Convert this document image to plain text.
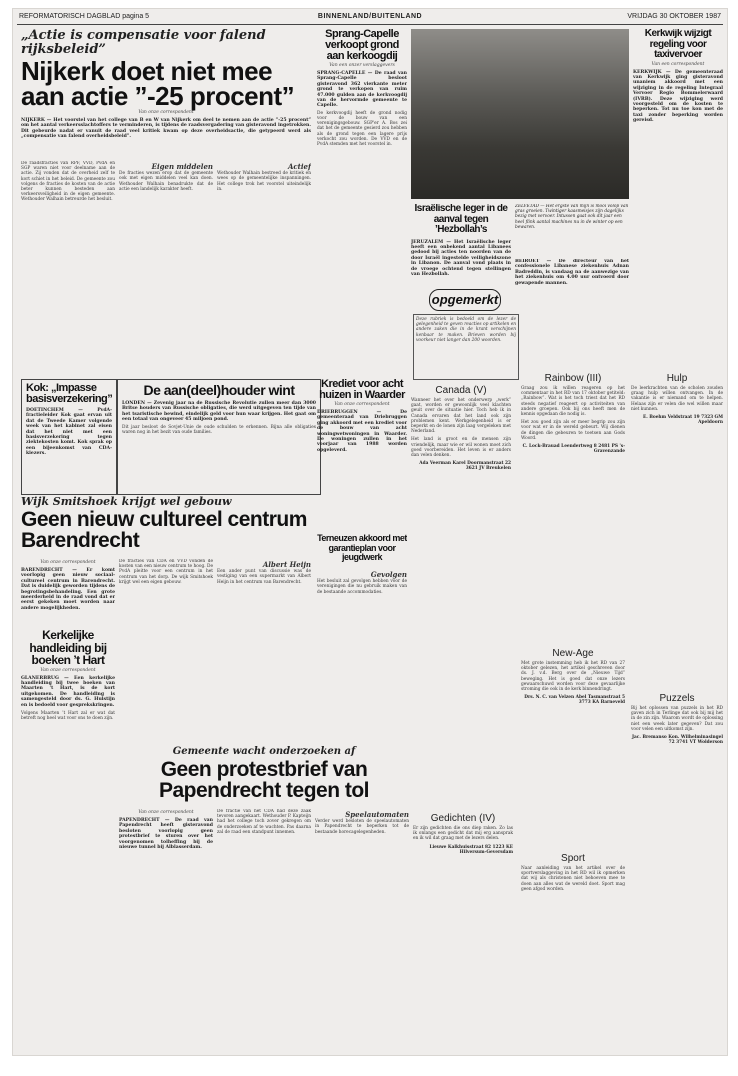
REFORMATORISCH DAGBLAD pagina 5	BINNENLAND/BUITENLAND	VRIJDAG 30 OKTOBER 1987
„Actie is compensatie voor falend rijksbeleid”
Nijkerk doet niet mee aan actie ”-25 procent”
Van onze correspondent
NIJKERK — Het voorstel van het college van B en W van Nijkerk om deel te nemen aan de actie ”-25 procent” om het aantal verkeersslachtoffers te verminderen, is tijdens de raadsvergadering van gisteravond ingetrokken. Dit gebeurde nadat er vanuit de raad veel kritiek kwam op deze overheidsactie, die getypeerd werd als „compensatie van falend overheidsbeleid”.

De raadsfracties van RPF, VVD, PvdA en SGP waren niet voor deelname aan de actie. Zij vonden dat de overheid zelf te kort schiet in het beleid. De gemeente zou volgens de fracties de kosten van de actie beter kunnen besteden aan verkeersveiligheid in de eigen gemeente. Wethouder Walhain betreurde het besluit.

Eigen middelen

De fracties wezen erop dat de gemeente ook met eigen middelen veel kan doen. Wethouder Walhain benadrukte dat de actie een landelijk karakter heeft.

Actief

Wethouder Walhain bestreed de kritiek en wees op de gemeentelijke inspanningen. Het college trok het voorstel uiteindelijk in.

Sprang-Capelle verkoopt grond aan kerkoogdij
Van een onzer verslaggevers
SPRANG-CAPELLE — De raad van Sprang-Capelle besloot gisteravond 362 vierkante meter grond te verkopen van ruim 47.000 gulden aan de kerkvoogdij van de hervormde gemeente te Capelle.
De kerkvoogdij heeft de grond nodig voor de bouw van een verenigingsgebouw. SGP'er A. Bos zei dat het de gemeente gesierd zou hebben als de grond tegen een lagere prijs verkocht zou worden. De VVD en de PvdA stemden met het voorstel in.
ZELVETAD — Het ergste van mijn is mooi volop van gras groeien. Twintiger kaasmeisjes zijn dagelijks bezig met vervoer. Intussen gaat ook dit jaar een heel flink aantal machines nu in de winter op een bewaren.
Israëlische leger in de aanval tegen ’Hezbollah’s
JERUZALEM — Het Israëlische leger heeft een onbekend aantal Libanees gedood bij acties ten noorden van de door Israël ingestelde veiligheidszone in Libanon. De aanval vond plaats in de vroege ochtend tegen stellingen van Hezbollah.
BEIROET — De directeur van het confessionele Libanese ziekenhuis Adnan Badreddin, is vandaag na de aanwezige van het ziekenhuis om 4.00 uur ontvoerd door gewapende mannen.
Kerkwijk wijzigt regeling voor taxivervoer
Van een correspondent
KERKWIJK — De gemeenteraad van Kerkwijk ging gisteravond unaniem akkoord met een wijziging in de regeling Integraal Vervoer Regio Bommelerwaard (IVRB). Deze wijziging werd voorgesteld om de kosten te beperken. Tot nu toe kon met de taxi zonder beperking worden gereisd.
Kok: „Impasse basisverzekering”
DOETINCHEM — PvdA-fractieleider Kok gaat ervan uit dat de Tweede Kamer volgende week van het kabinet zal eisen dat het niet met een basisverzekering tegen ziektekosten komt. Kok sprak op een bijeenkomst van CDA-kiezers.
De aan(deel)houder wint
LONDEN — Zevenig jaar na de Russische Revolutie zullen meer dan 3000 Britse houders van Russische obligaties, die werd uitgegeven ten tijde van het tsaristische bewind, eindelijk geld voor hun waar krijgen. Het gaat om een totaal van ongeveer 45 miljoen pond.
Dit jaar besloot de Sovjet-Unie de oude schulden te erkennen. Bijna alle obligaties waren nog in het bezit van oude families.
Krediet voor acht huizen in Waarder
Van onze correspondent
DRIEBRUGGEN — De gemeenteraad van Driebruggen ging akkoord met een krediet voor de bouw van acht woningwetwoningen in Waarder. De woningen zullen in het voorjaar van 1988 worden opgeleverd.
opgemerkt
Deze rubriek is bedoeld om de lezer de gelegenheid te geven reacties op artikelen en andere zaken die in de krant verschijnen kenbaar te maken. Brieven worden bij voorkeur niet langer dan 200 woorden.
Canada (V)
Wanneer het over het onderwerp „werk” gaat, worden er gewoonlijk veel klachten geuit over de situatie hier. Toch heb ik in Canada ervaren dat het land ook zijn problemen kent. Werkgelegenheid is er beperkt en de lonen zijn laag vergeleken met Nederland.
Het land is groot en de mensen zijn vriendelijk, maar wie er wil wonen moet zich goed voorbereiden. Het leven is er anders dan velen denken.
Ada Veerman Karel Doormanstraat 22 3621 JV Breukelen
Rainbow (III)
Graag zou ik willen reageren op het commentaar in het RD van 17 oktober getiteld: „Rainbow”. Wat is het toch triest dat het RD steeds negatief reageert op activiteiten van andere groepen. Ook bij ons heeft men de kennis opgedaan die nodig is.
Het zou goed zijn als er meer begrip zou zijn voor wat er in de wereld gebeurt. Wij dienen de dingen die gebeuren te toetsen aan Gods Woord.
C. Lock-Brauad Leendertweg 8 2481 PS 's-Gravenzande
Hulp
De leerkrachten van de scholen zouden graag hulp willen ontvangen. In de vakantie is er niemand om te helpen. Helaas zijn er velen die wel willen maar niet kunnen.
E. Boehm Veldstraat 19 7323 GM Apeldoorn
Wijk Smitshoek krijgt wel gebouw
Geen nieuw cultureel centrum Barendrecht
Van onze correspondent
BARENDRECHT — Er komt voorlopig geen nieuw sociaal-cultureel centrum in Barendrecht. Dat is duidelijk geworden tijdens de begrotingsbehandeling. Een grote meerderheid in de raad vond dat er eerst gekeken moet worden naar andere mogelijkheden.

De fracties van CDA en VVD vonden de kosten van een nieuw centrum te hoog. De PvdA pleitte voor een centrum in het centrum van het dorp. De wijk Smitshoek krijgt wel een eigen gebouw.

Albert Heijn

Een ander punt van discussie was de vestiging van een supermarkt van Albert Heijn in het centrum van Barendrecht.

Gevolgen

Het besluit zal gevolgen hebben voor de verenigingen die nu gebruik maken van de bestaande accommodaties.

Terneuzen akkoord met garantieplan voor jeugdwerk
Kerkelijke handleiding bij boeken ’t Hart
Van onze correspondent
GLANERBRUG — Een kerkelijke handleiding bij twee boeken van Maarten ’t Hart, is de kort uitgekomen. De handleiding is samengesteld door ds. G. Hulstijn en is bedoeld voor gesprekskringen.
Volgens Maarten ’t Hart zal er wat dat betreft nog heel wat voor ons te doen zijn.
Gemeente wacht onderzoeken af
Geen protestbrief van Papendrecht tegen tol
Van onze correspondent
PAPENDRECHT — De raad van Papendrecht heeft gisteravond besloten voorlopig geen protestbrief te sturen over het voorgenomen tolheffing bij de nieuwe tunnel bij Alblasserdam.

De fractie van het CDA had deze zaak tevoren aangekaart. Wethouder P. Kapteijn had het college toch zover gekregen om de onderzoeken af te wachten. Pas daarna zal de raad een standpunt innemen.

Speelautomaten

Verder werd besloten de speelautomaten in Papendrecht te beperken tot de bestaande horecagelegenheden.

New-Age
Met grote instemming heb ik het RD van 27 oktober gelezen, het artikel geschreven door ds. J. v.d. Berg over de „Nieuwe Tijd” beweging. Het is goed dat onze lezers gewaarschuwd worden voor deze gevaarlijke stroming die ook in de kerk binnendringt.
Drs. N. C. van Velzen Abel Tasmanstraat 5 3773 KA Barneveld	Puzzels
Bij het oplossen van puzzels in het RD gaven zich in Terlinge dat ook bij mij het in de zin zijn. Waarom wordt de oplossing niet een week later gegeven? Dat zou voor velen een uitkomst zijn.
Jac. Bremanso Kon. Wilhelminasingel 72 3741 VT Wolderson
Gedichten (IV)
Er zijn gedichten die ons diep raken. Zo las ik onlangs een gedicht dat mij erg aansprak en ik wil dat graag met de lezers delen.
Lieuwe Kalkhuisstraat 82 1223 KE Hilversum-Geversdam
Sport
Naar aanleiding van het artikel over de sportverslaggeving in het RD wil ik opmerken dat wij als christenen niet behoeven mee te doen aan alles wat de wereld doet. Sport mag geen afgod worden.
